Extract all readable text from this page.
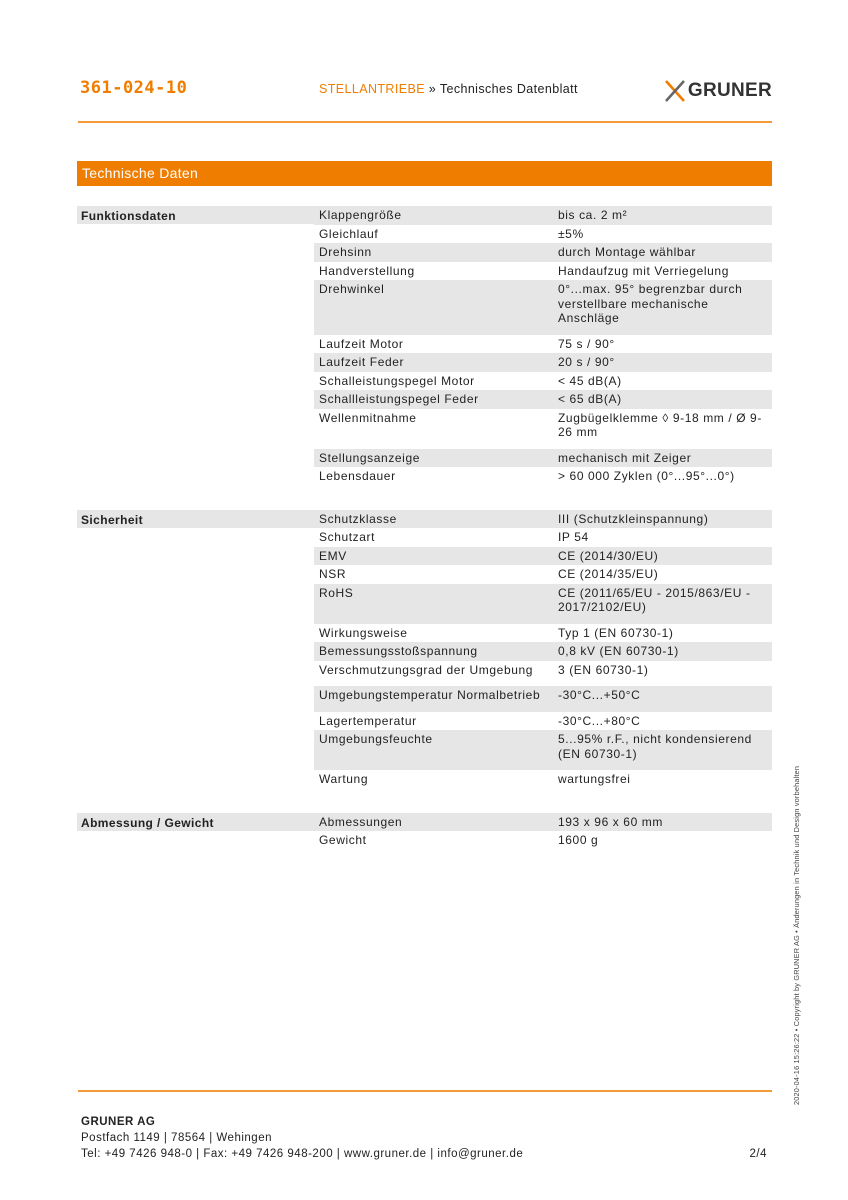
361-024-10	STELLANTRIEBE » Technisches Datenblatt	GRUNER
Technische Daten
Funktionsdaten	Klappengröße	bis ca. 2 m²
Gleichlauf	±5%
Drehsinn	durch Montage wählbar
Handverstellung	Handaufzug mit Verriegelung
Drehwinkel	0°...max. 95° begrenzbar durch verstellbare mechanische Anschläge
Laufzeit Motor	75 s / 90°
Laufzeit Feder	20 s / 90°
Schalleistungspegel Motor	< 45 dB(A)
Schallleistungspegel Feder	< 65 dB(A)
Wellenmitnahme	Zugbügelklemme ◊ 9-18 mm / Ø 9-26 mm
Stellungsanzeige	mechanisch mit Zeiger
Lebensdauer	> 60 000 Zyklen (0°...95°...0°)
Sicherheit	Schutzklasse	III (Schutzkleinspannung)
Schutzart	IP 54
EMV	CE (2014/30/EU)
NSR	CE (2014/35/EU)
RoHS	CE (2011/65/EU - 2015/863/EU - 2017/2102/EU)
Wirkungsweise	Typ 1 (EN 60730-1)
Bemessungsstoßspannung	0,8 kV (EN 60730-1)
Verschmutzungsgrad der Umgebung	3 (EN 60730-1)
Umgebungstemperatur Normalbetrieb	-30°C...+50°C
Lagertemperatur	-30°C...+80°C
Umgebungsfeuchte	5...95% r.F., nicht kondensierend (EN 60730-1)
Wartung	wartungsfrei
Abmessung / Gewicht	Abmessungen	193 x 96 x 60 mm
Gewicht	1600 g
GRUNER AG
Postfach 1149 | 78564 | Wehingen
Tel: +49 7426 948-0 | Fax: +49 7426 948-200 | www.gruner.de | info@gruner.de	2/4
2020-04-16 15:26:22 • Copyright by GRUNER AG • Änderungen in Technik und Design vorbehalten
